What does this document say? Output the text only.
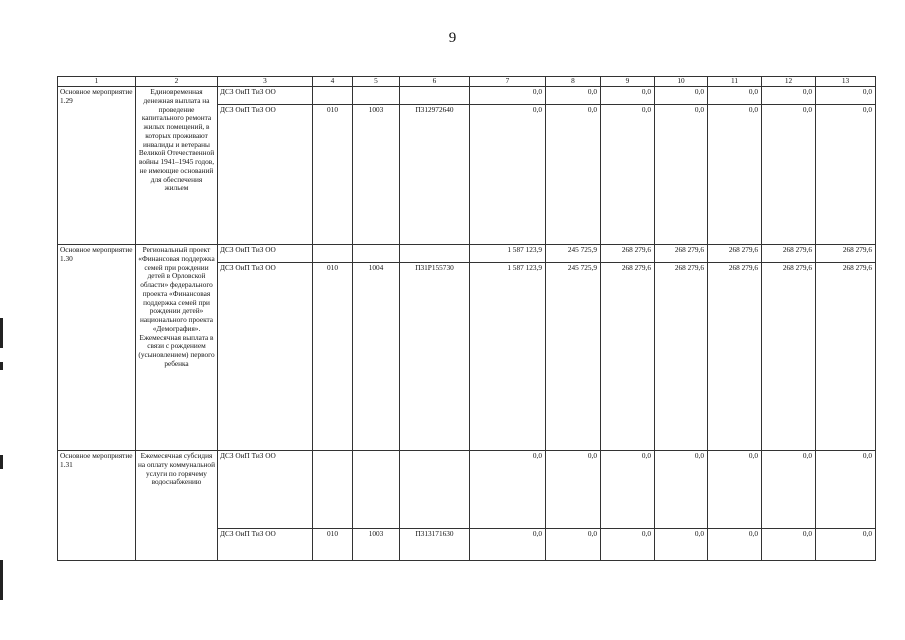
9
1	2	3	4	5	6	7	8	9	10	11	12	13
Основное мероприятие 1.29	Единовременная денежная выплата на проведение капитального ремонта жилых помещений, в которых проживают инвалиды и ветераны Великой Отечественной войны 1941–1945 годов, не имеющие оснований для обеспечения жильем	ДСЗ ОиП ТиЗ ОО				0,0	0,0	0,0	0,0	0,0	0,0	0,0
		ДСЗ ОиП ТиЗ ОО	010	1003	П312972640	0,0	0,0	0,0	0,0	0,0	0,0	0,0
Основное мероприятие 1.30	Региональный проект «Финансовая поддержка семей при рождении детей в Орловской области» федерального проекта «Финансовая поддержка семей при рождении детей» национального проекта «Демография». Ежемесячная выплата в связи с рождением (усыновлением) первого ребенка	ДСЗ ОиП ТиЗ ОО				1 587 123,9	245 725,9	268 279,6	268 279,6	268 279,6	268 279,6	268 279,6
		ДСЗ ОиП ТиЗ ОО	010	1004	П31Р155730	1 587 123,9	245 725,9	268 279,6	268 279,6	268 279,6	268 279,6	268 279,6
Основное мероприятие 1.31	Ежемесячная субсидия на оплату коммунальной услуги по горячему водоснабжению	ДСЗ ОиП ТиЗ ОО				0,0	0,0	0,0	0,0	0,0	0,0	0,0
		ДСЗ ОиП ТиЗ ОО	010	1003	П313171630	0,0	0,0	0,0	0,0	0,0	0,0	0,0
